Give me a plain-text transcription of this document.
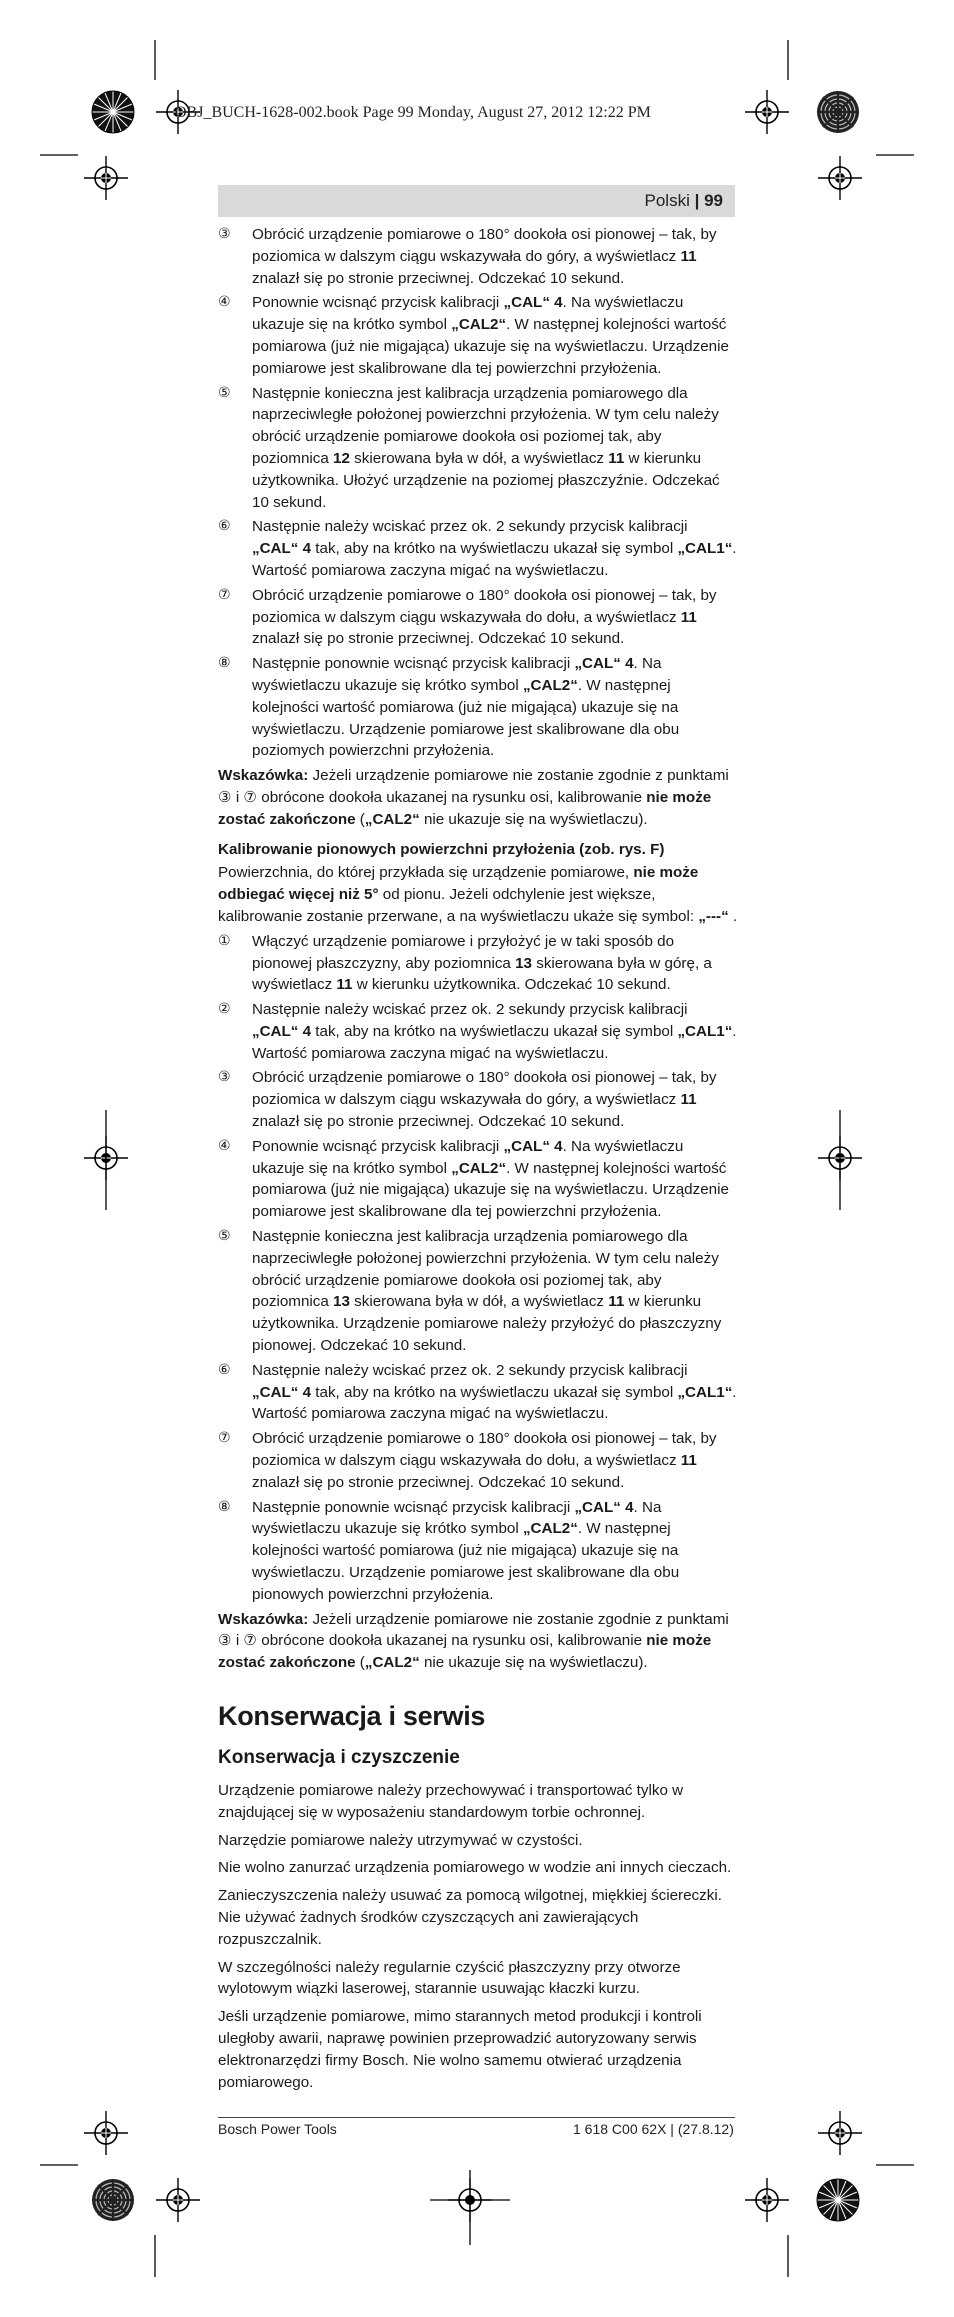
OBJ_BUCH-1628-002.book Page 99 Monday, August 27, 2012 12:22 PM
Polski | 99
③	Obrócić urządzenie pomiarowe o 180° dookoła osi pionowej – tak, by poziomica w dalszym ciągu wskazywała do góry, a wyświetlacz 11 znalazł się po stronie przeciwnej. Odczekać 10 sekund.
④	Ponownie wcisnąć przycisk kalibracji „CAL“ 4. Na wyświetlaczu ukazuje się na krótko symbol „CAL2“. W następnej kolejności wartość pomiarowa (już nie migająca) ukazuje się na wyświetlaczu. Urządzenie pomiarowe jest skalibrowane dla tej powierzchni przyłożenia.
⑤	Następnie konieczna jest kalibracja urządzenia pomiarowego dla naprzeciwległe położonej powierzchni przyłożenia. W tym celu należy obrócić urządzenie pomiarowe dookoła osi poziomej tak, aby poziomnica 12 skierowana była w dół, a wyświetlacz 11 w kierunku użytkownika. Ułożyć urządzenie na poziomej płaszczyźnie. Odczekać 10 sekund.
⑥	Następnie należy wciskać przez ok. 2 sekundy przycisk kalibracji „CAL“ 4 tak, aby na krótko na wyświetlaczu ukazał się symbol „CAL1“. Wartość pomiarowa zaczyna migać na wyświetlaczu.
⑦	Obrócić urządzenie pomiarowe o 180° dookoła osi pionowej – tak, by poziomica w dalszym ciągu wskazywała do dołu, a wyświetlacz 11 znalazł się po stronie przeciwnej. Odczekać 10 sekund.
⑧	Następnie ponownie wcisnąć przycisk kalibracji „CAL“ 4. Na wyświetlaczu ukazuje się krótko symbol „CAL2“. W następnej kolejności wartość pomiarowa (już nie migająca) ukazuje się na wyświetlaczu. Urządzenie pomiarowe jest skalibrowane dla obu poziomych powierzchni przyłożenia.

Wskazówka: Jeżeli urządzenie pomiarowe nie zostanie zgodnie z punktami ③ i ⑦ obrócone dookoła ukazanej na rysunku osi, kalibrowanie nie może zostać zakończone („CAL2“ nie ukazuje się na wyświetlaczu).

Kalibrowanie pionowych powierzchni przyłożenia (zob. rys. F)

Powierzchnia, do której przykłada się urządzenie pomiarowe, nie może odbiegać więcej niż 5° od pionu. Jeżeli odchylenie jest większe, kalibrowanie zostanie przerwane, a na wyświetlaczu ukaże się symbol: „---“ .

①	Włączyć urządzenie pomiarowe i przyłożyć je w taki sposób do pionowej płaszczyzny, aby poziomnica 13 skierowana była w górę, a wyświetlacz 11 w kierunku użytkownika. Odczekać 10 sekund.
②	Następnie należy wciskać przez ok. 2 sekundy przycisk kalibracji „CAL“ 4 tak, aby na krótko na wyświetlaczu ukazał się symbol „CAL1“. Wartość pomiarowa zaczyna migać na wyświetlaczu.
③	Obrócić urządzenie pomiarowe o 180° dookoła osi pionowej – tak, by poziomica w dalszym ciągu wskazywała do góry, a wyświetlacz 11 znalazł się po stronie przeciwnej. Odczekać 10 sekund.
④	Ponownie wcisnąć przycisk kalibracji „CAL“ 4. Na wyświetlaczu ukazuje się na krótko symbol „CAL2“. W następnej kolejności wartość pomiarowa (już nie migająca) ukazuje się na wyświetlaczu. Urządzenie pomiarowe jest skalibrowane dla tej powierzchni przyłożenia.
⑤	Następnie konieczna jest kalibracja urządzenia pomiarowego dla naprzeciwległe położonej powierzchni przyłożenia. W tym celu należy obrócić urządzenie pomiarowe dookoła osi poziomej tak, aby poziomnica 13 skierowana była w dół, a wyświetlacz 11 w kierunku użytkownika. Urządzenie pomiarowe należy przyłożyć do płaszczyzny pionowej. Odczekać 10 sekund.
⑥	Następnie należy wciskać przez ok. 2 sekundy przycisk kalibracji „CAL“ 4 tak, aby na krótko na wyświetlaczu ukazał się symbol „CAL1“. Wartość pomiarowa zaczyna migać na wyświetlaczu.
⑦	Obrócić urządzenie pomiarowe o 180° dookoła osi pionowej – tak, by poziomica w dalszym ciągu wskazywała do dołu, a wyświetlacz 11 znalazł się po stronie przeciwnej. Odczekać 10 sekund.
⑧	Następnie ponownie wcisnąć przycisk kalibracji „CAL“ 4. Na wyświetlaczu ukazuje się krótko symbol „CAL2“. W następnej kolejności wartość pomiarowa (już nie migająca) ukazuje się na wyświetlaczu. Urządzenie pomiarowe jest skalibrowane dla obu pionowych powierzchni przyłożenia.

Wskazówka: Jeżeli urządzenie pomiarowe nie zostanie zgodnie z punktami ③ i ⑦ obrócone dookoła ukazanej na rysunku osi, kalibrowanie nie może zostać zakończone („CAL2“ nie ukazuje się na wyświetlaczu).

Konserwacja i serwis
Konserwacja i czyszczenie

Urządzenie pomiarowe należy przechowywać i transportować tylko w znajdującej się w wyposażeniu standardowym torbie ochronnej.

Narzędzie pomiarowe należy utrzymywać w czystości.

Nie wolno zanurzać urządzenia pomiarowego w wodzie ani innych cieczach.

Zanieczyszczenia należy usuwać za pomocą wilgotnej, miękkiej ściereczki. Nie używać żadnych środków czyszczących ani zawierających rozpuszczalnik.

W szczególności należy regularnie czyścić płaszczyzny przy otworze wylotowym wiązki laserowej, starannie usuwając kłaczki kurzu.

Jeśli urządzenie pomiarowe, mimo starannych metod produkcji i kontroli uległoby awarii, naprawę powinien przeprowadzić autoryzowany serwis elektronarzędzi firmy Bosch. Nie wolno samemu otwierać urządzenia pomiarowego.

Bosch Power Tools	1 618 C00 62X | (27.8.12)
